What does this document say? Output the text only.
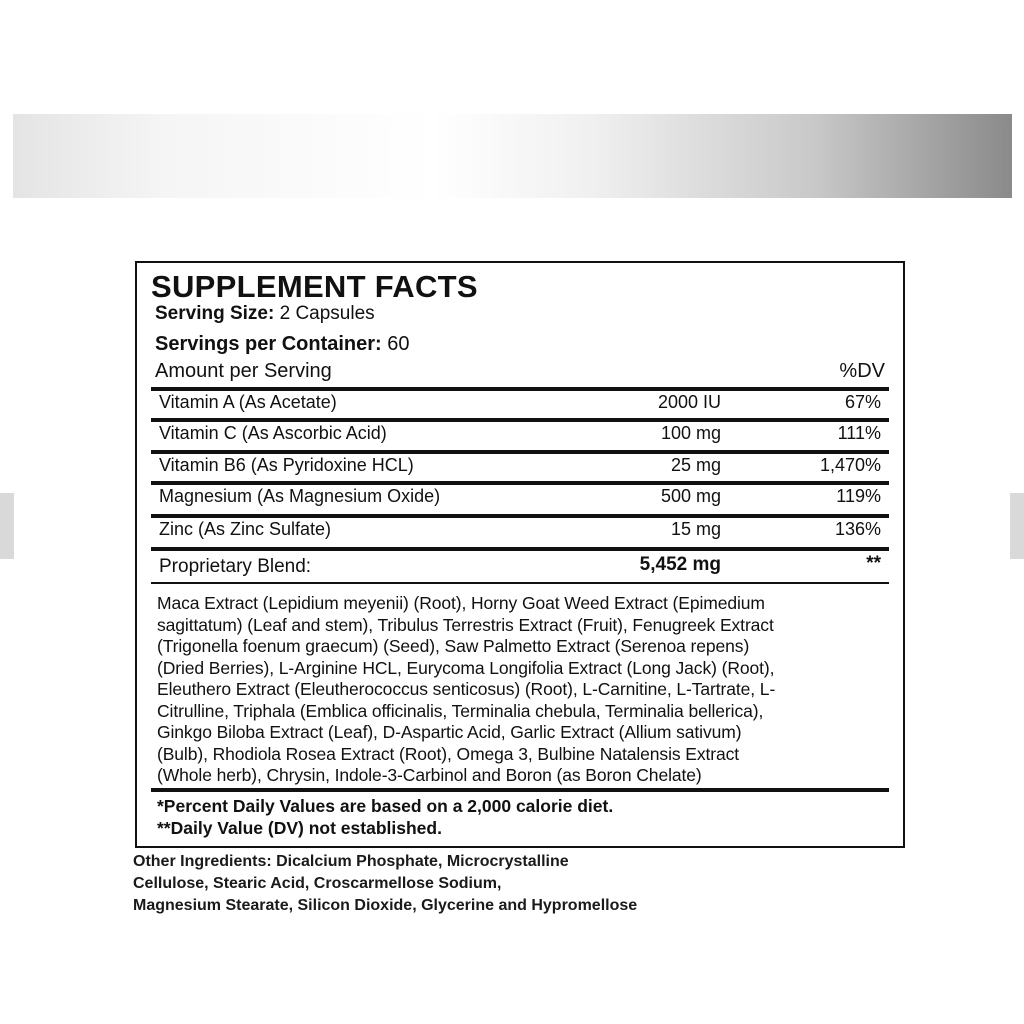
SUPPLEMENT FACTS
Serving Size: 2 Capsules
Servings per Container: 60
Amount per Serving	%DV
Vitamin A (As Acetate)	2000 IU	67%
Vitamin C (As Ascorbic Acid)	100 mg	111%
Vitamin B6 (As Pyridoxine HCL)	25 mg	1,470%
Magnesium (As Magnesium Oxide)	500 mg	119%
Zinc (As Zinc Sulfate)	15 mg	136%
Proprietary Blend:	5,452 mg	**
Maca Extract (Lepidium meyenii) (Root), Horny Goat Weed Extract (Epimedium
sagittatum) (Leaf and stem), Tribulus Terrestris Extract (Fruit), Fenugreek Extract
(Trigonella foenum graecum) (Seed), Saw Palmetto Extract (Serenoa repens)
(Dried Berries), L-Arginine HCL, Eurycoma Longifolia Extract (Long Jack) (Root),
Eleuthero Extract (Eleutherococcus senticosus) (Root), L-Carnitine, L-Tartrate, L-
Citrulline, Triphala (Emblica officinalis, Terminalia chebula, Terminalia bellerica),
Ginkgo Biloba Extract (Leaf), D-Aspartic Acid, Garlic Extract (Allium sativum)
(Bulb), Rhodiola Rosea Extract (Root), Omega 3, Bulbine Natalensis Extract
(Whole herb), Chrysin, Indole-3-Carbinol and Boron (as Boron Chelate)
*Percent Daily Values are based on a 2,000 calorie diet.
**Daily Value (DV) not established.
Other Ingredients: Dicalcium Phosphate, Microcrystalline
Cellulose, Stearic Acid, Croscarmellose Sodium,
Magnesium Stearate, Silicon Dioxide, Glycerine and Hypromellose
